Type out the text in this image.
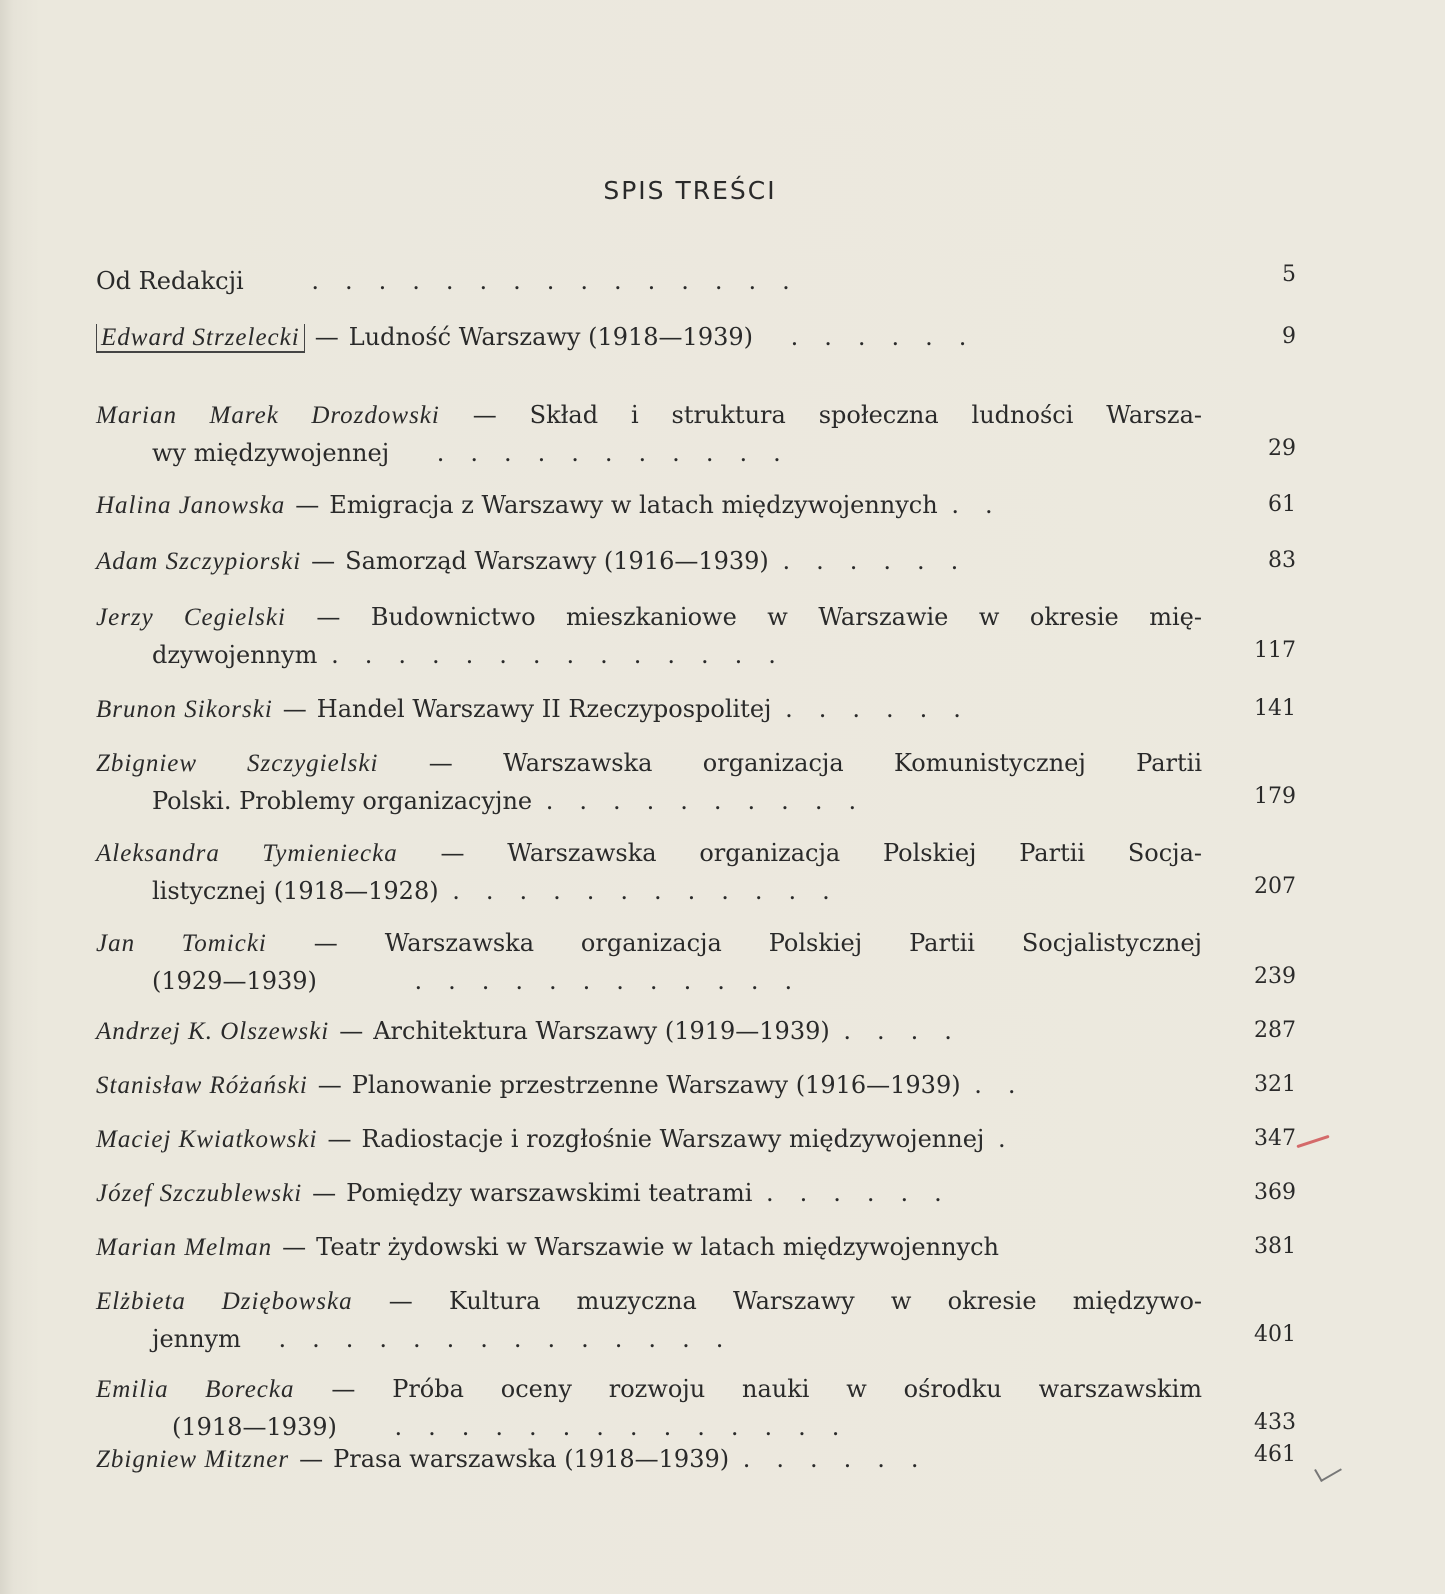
SPIS TREŚCI
Od Redakcji	...............	5
Edward Strzelecki — Ludność Warszawy (1918—1939) ......	9
Marian Marek Drozdowski — Skład i struktura społeczna ludności Warsza-
wy międzywojennej ...........	29
Halina Janowska — Emigracja z Warszawy w latach międzywojennych ..	61
Adam Szczypiorski — Samorząd Warszawy (1916—1939) ......	83
Jerzy Cegielski — Budownictwo mieszkaniowe w Warszawie w okresie mię-
dzywojennym ..............	117
Brunon Sikorski — Handel Warszawy II Rzeczypospolitej ......	141
Zbigniew Szczygielski — Warszawska organizacja Komunistycznej Partii
Polski. Problemy organizacyjne ..........	179
Aleksandra Tymieniecka — Warszawska organizacja Polskiej Partii Socja-
listycznej (1918—1928) ............	207
Jan Tomicki — Warszawska organizacja Polskiej Partii Socjalistycznej
(1929—1939)	............	239
Andrzej K. Olszewski — Architektura Warszawy (1919—1939) ....	287
Stanisław Różański — Planowanie przestrzenne Warszawy (1916—1939) ..	321
Maciej Kwiatkowski — Radiostacje i rozgłośnie Warszawy międzywojennej .	347
Józef Szczublewski — Pomiędzy warszawskimi teatrami ......	369
Marian Melman — Teatr żydowski w Warszawie w latach międzywojennych	381
Elżbieta Dziębowska — Kultura muzyczna Warszawy w okresie międzywo-
jennym ..............	401
Emilia Borecka — Próba oceny rozwoju nauki w ośrodku warszawskim
(1918—1939) ..............	433
Zbigniew Mitzner — Prasa warszawska (1918—1939) ......	461
